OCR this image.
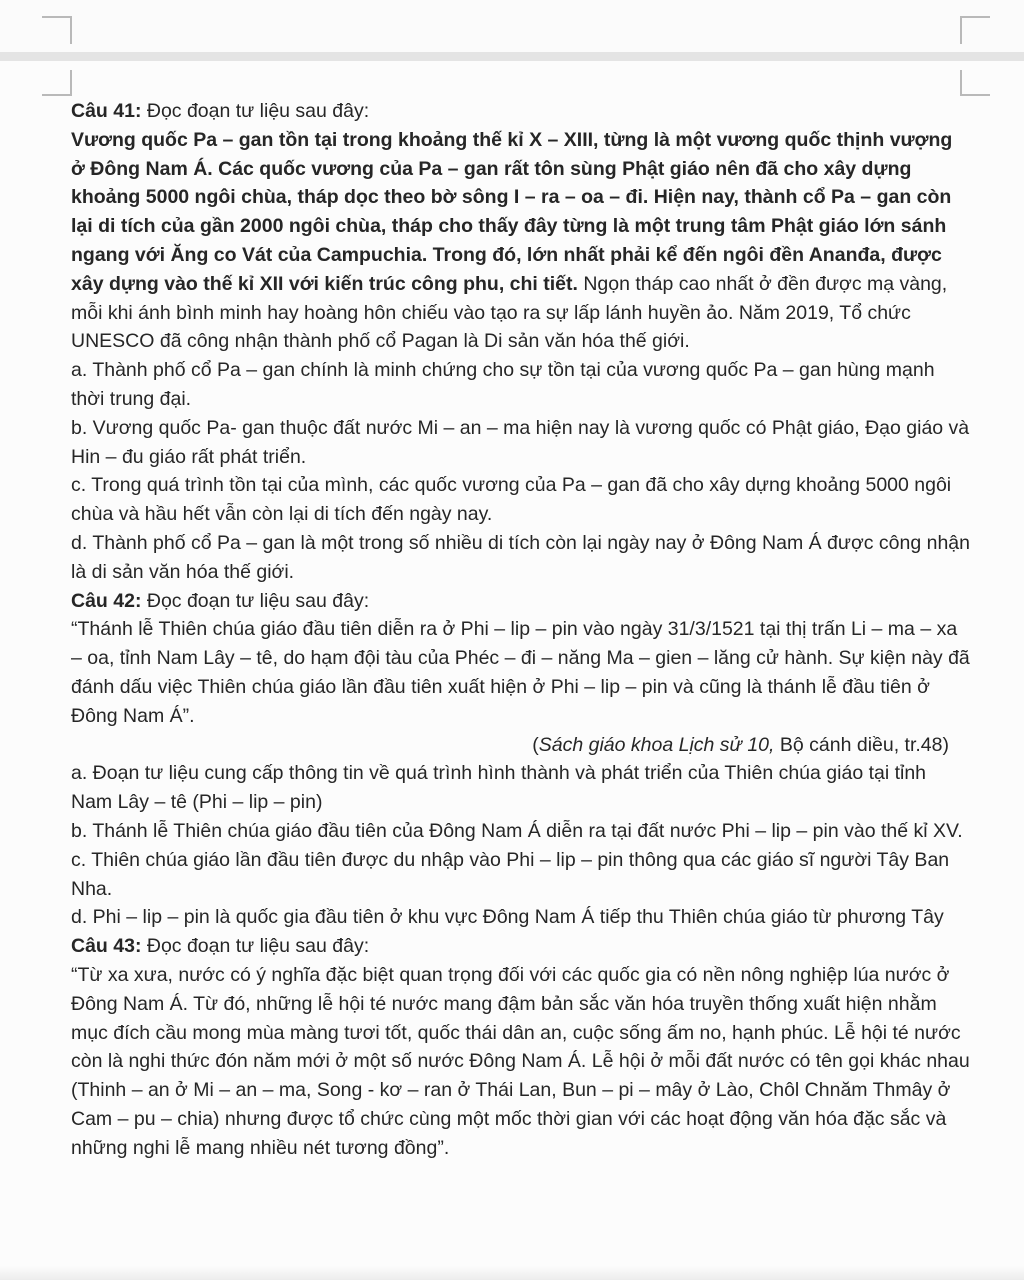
Câu 41: Đọc đoạn tư liệu sau đây:

Vương quốc Pa – gan tồn tại trong khoảng thế kỉ X – XIII, từng là một vương quốc thịnh vượng ở Đông Nam Á. Các quốc vương của Pa – gan rất tôn sùng Phật giáo nên đã cho xây dựng khoảng 5000 ngôi chùa, tháp dọc theo bờ sông I – ra – oa – đi. Hiện nay, thành cổ Pa – gan còn lại di tích của gần 2000 ngôi chùa, tháp cho thấy đây từng là một trung tâm Phật giáo lớn sánh ngang với Ăng co Vát của Campuchia. Trong đó, lớn nhất phải kể đến ngôi đền Ananđa, được xây dựng vào thế kỉ XII với kiến trúc công phu, chi tiết. Ngọn tháp cao nhất ở đền được mạ vàng, mỗi khi ánh bình minh hay hoàng hôn chiếu vào tạo ra sự lấp lánh huyền ảo. Năm 2019, Tổ chức UNESCO đã công nhận thành phố cổ Pagan là Di sản văn hóa thế giới.

a. Thành phố cổ Pa – gan chính là minh chứng cho sự tồn tại của vương quốc Pa – gan hùng mạnh thời trung đại.

b. Vương quốc Pa- gan thuộc đất nước Mi – an – ma hiện nay là vương quốc có Phật giáo, Đạo giáo và Hin – đu giáo rất phát triển.

c. Trong quá trình tồn tại của mình, các quốc vương của Pa – gan đã cho xây dựng khoảng 5000 ngôi chùa và hầu hết vẫn còn lại di tích đến ngày nay.

d. Thành phố cổ Pa – gan là một trong số nhiều di tích còn lại ngày nay ở Đông Nam Á được công nhận là di sản văn hóa thế giới.

Câu 42: Đọc đoạn tư liệu sau đây:

“Thánh lễ Thiên chúa giáo đầu tiên diễn ra ở Phi – lip – pin vào ngày 31/3/1521 tại thị trấn Li – ma – xa – oa, tỉnh Nam Lây – tê, do hạm đội tàu của Phéc – đi – năng Ma – gien – lăng cử hành. Sự kiện này đã đánh dấu việc Thiên chúa giáo lần đầu tiên xuất hiện ở Phi – lip – pin và cũng là thánh lễ đầu tiên ở Đông Nam Á”.

(Sách giáo khoa Lịch sử 10, Bộ cánh diều, tr.48)

a. Đoạn tư liệu cung cấp thông tin về quá trình hình thành và phát triển của Thiên chúa giáo tại tỉnh Nam Lây – tê (Phi – lip – pin)

b. Thánh lễ Thiên chúa giáo đầu tiên của Đông Nam Á diễn ra tại đất nước Phi – lip – pin vào thế kỉ XV.

c. Thiên chúa giáo lần đầu tiên được du nhập vào Phi – lip – pin thông qua các giáo sĩ người Tây Ban Nha.

d. Phi – lip – pin là quốc gia đầu tiên ở khu vực Đông Nam Á tiếp thu Thiên chúa giáo từ phương Tây

Câu 43: Đọc đoạn tư liệu sau đây:

“Từ xa xưa, nước có ý nghĩa đặc biệt quan trọng đối với các quốc gia có nền nông nghiệp lúa nước ở Đông Nam Á. Từ đó, những lễ hội té nước mang đậm bản sắc văn hóa truyền thống xuất hiện nhằm mục đích cầu mong mùa màng tươi tốt, quốc thái dân an, cuộc sống ấm no, hạnh phúc. Lễ hội té nước còn là nghi thức đón năm mới ở một số nước Đông Nam Á. Lễ hội ở mỗi đất nước có tên gọi khác nhau (Thinh – an ở Mi – an – ma, Song - kơ – ran ở Thái Lan, Bun – pi – mây ở Lào, Chôl Chnăm Thmây ở Cam – pu – chia) nhưng được tổ chức cùng một mốc thời gian với các hoạt động văn hóa đặc sắc và những nghi lễ mang nhiều nét tương đồng”.
